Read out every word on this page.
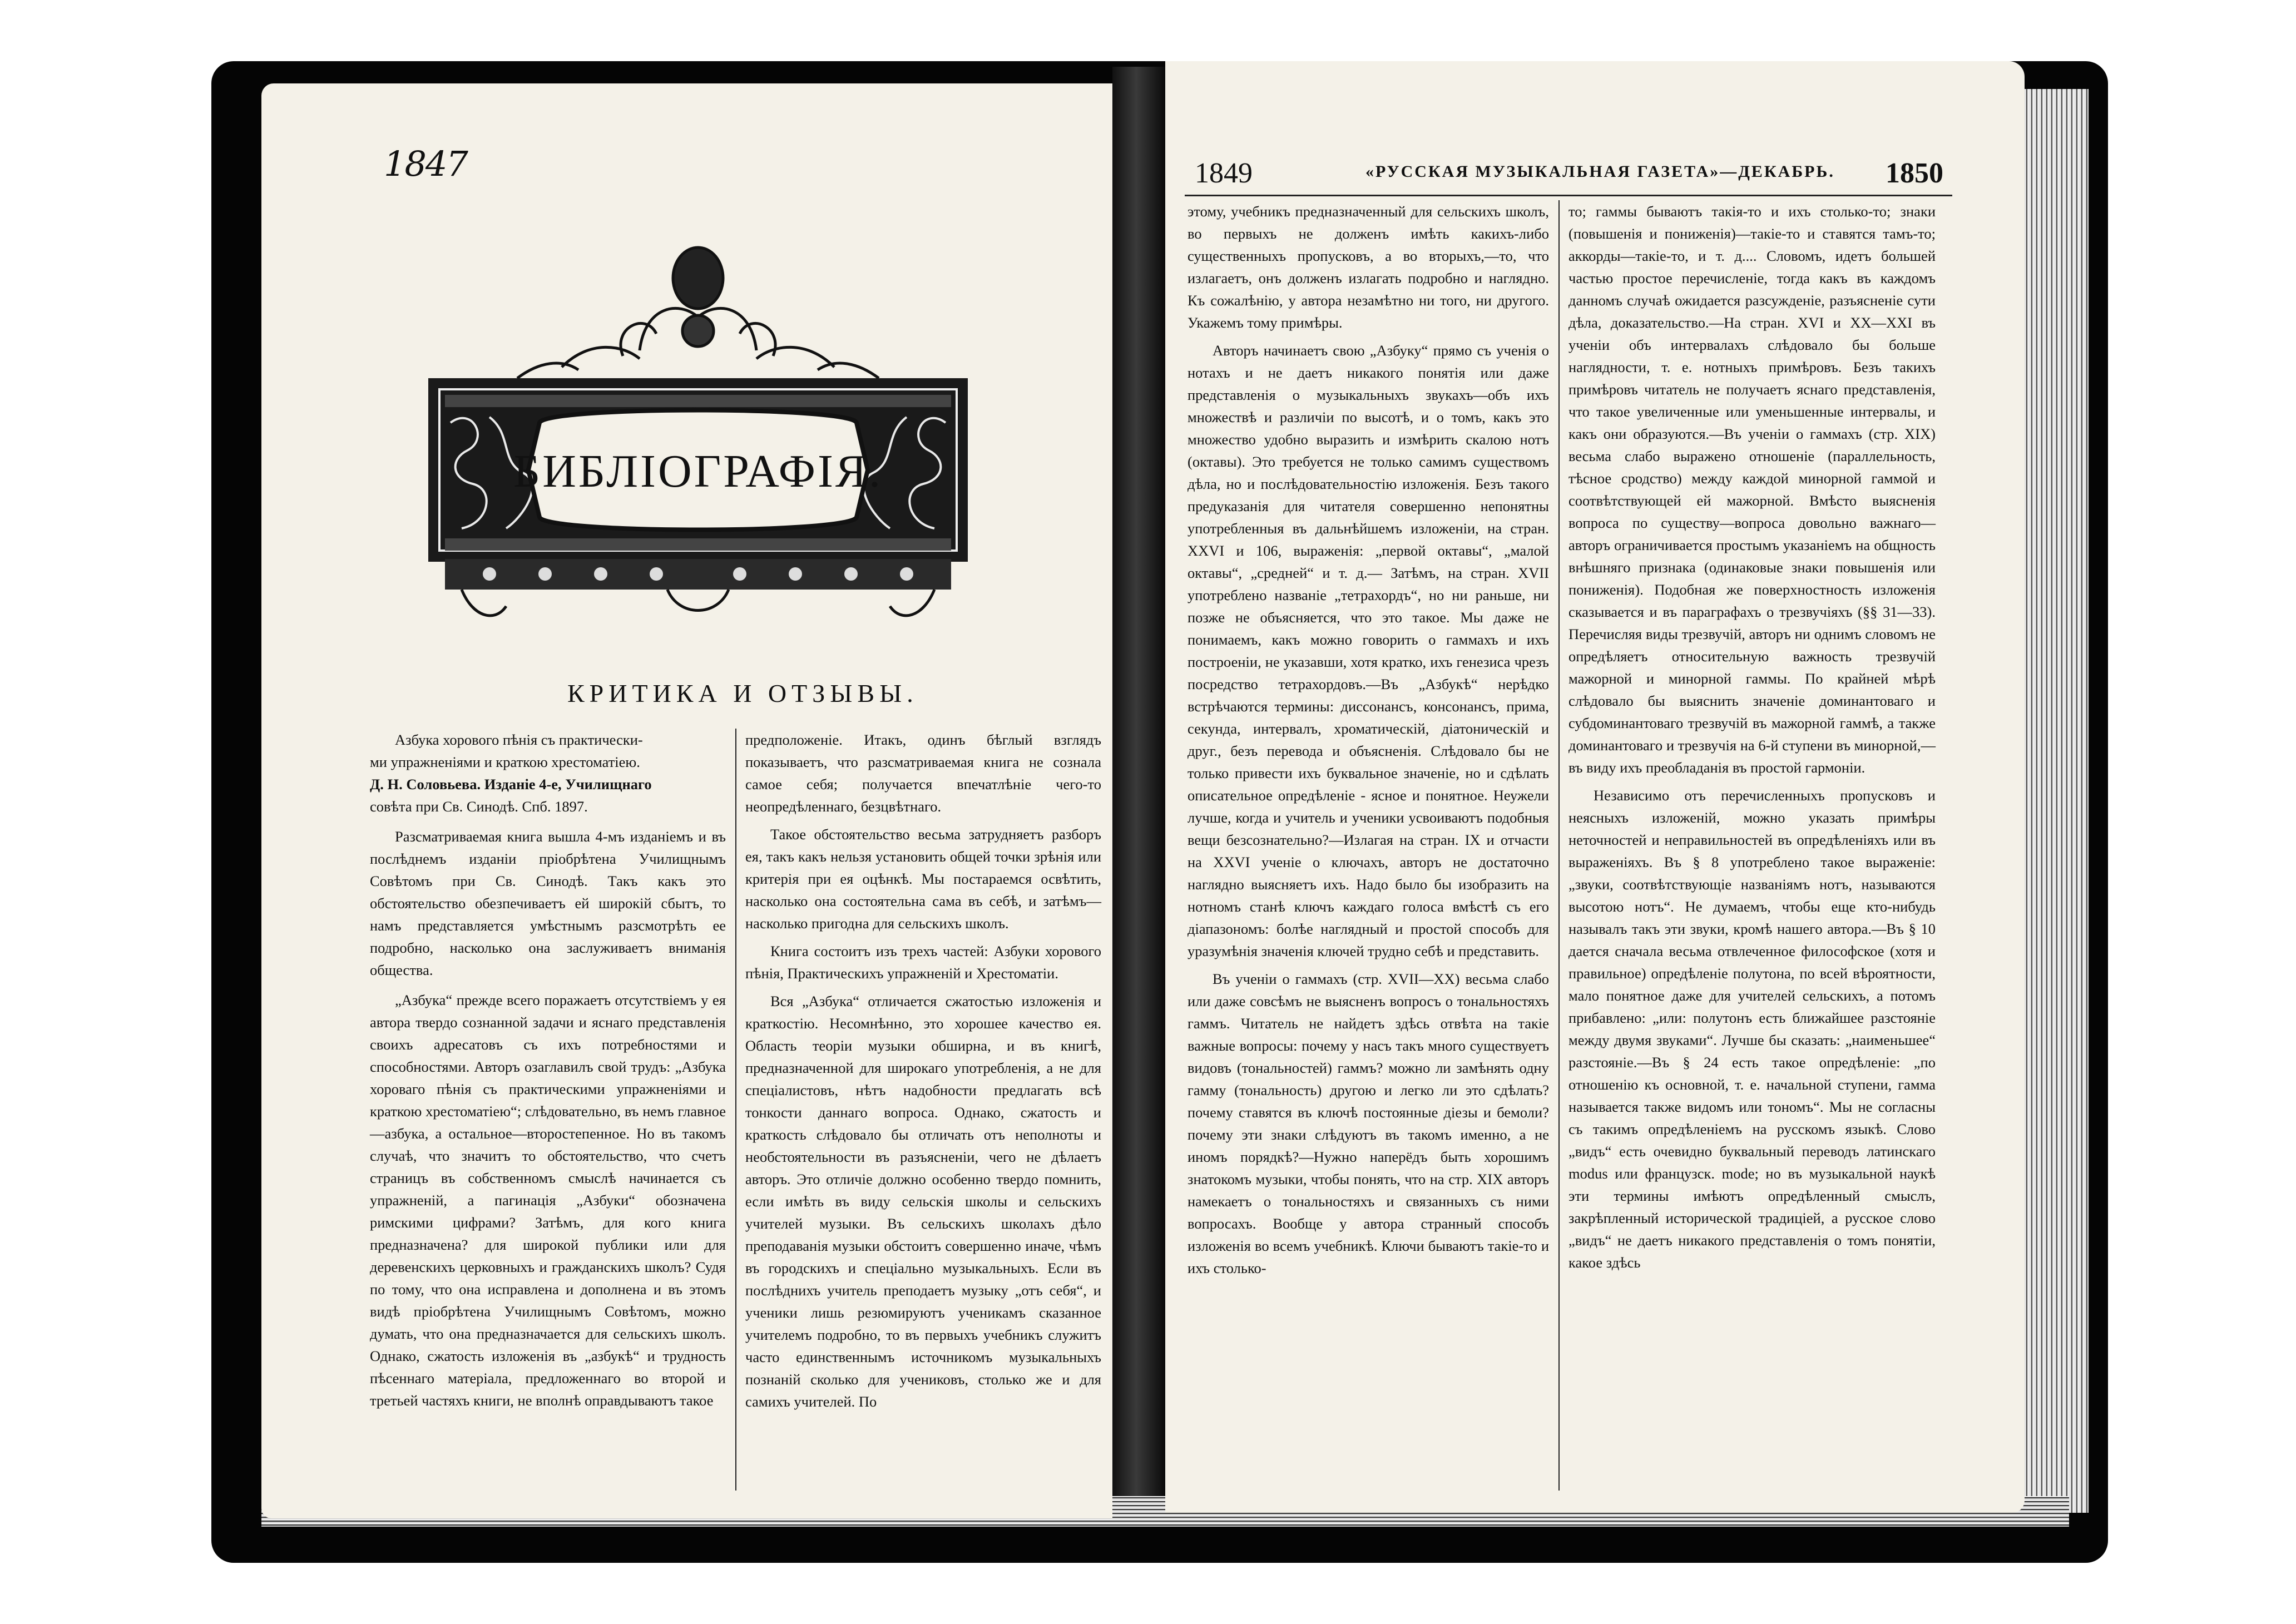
1847
БИБЛІОГРАФІЯ.
КРИТИКА И ОТЗЫВЫ.

Азбука хорового пѣнія съ практически-

ми упражненіями и краткою хрестоматіею.

Д. Н. Соловьева. Изданіе 4-е, Училищнаго

совѣта при Св. Синодѣ. Спб. 1897.

Разсматриваемая книга вышла 4-мъ изданіемъ и въ послѣднемъ изданіи пріобрѣтена Училищнымъ Совѣтомъ при Св. Синодѣ. Такъ какъ это обстоятельство обезпечиваетъ ей широкій сбытъ, то намъ представляется умѣстнымъ разсмотрѣть ее подробно, насколько она заслуживаетъ вниманія общества.

„Азбука“ прежде всего поражаетъ отсутствіемъ у ея автора твердо сознанной задачи и яснаго представленія своихъ адресатовъ съ ихъ потребностями и способностями. Авторъ озаглавилъ свой трудъ: „Азбука хороваго пѣнія съ практическими упражненіями и краткою хрестоматіею“; слѣдовательно, въ немъ главное—азбука, а остальное—второстепенное. Но въ такомъ случаѣ, что значитъ то обстоятельство, что счетъ страницъ въ собственномъ смыслѣ начинается съ упражненій, а пагинація „Азбуки“ обозначена римскими цифрами? Затѣмъ, для кого книга предназначена? для широкой публики или для деревенскихъ церковныхъ и гражданскихъ школъ? Судя по тому, что она исправлена и дополнена и въ этомъ видѣ пріобрѣтена Училищнымъ Совѣтомъ, можно думать, что она предназначается для сельскихъ школъ. Однако, сжатость изложенія въ „азбукѣ“ и трудность пѣсеннаго матеріала, предложеннаго во второй и третьей частяхъ книги, не вполнѣ оправдываютъ такое

предположеніе. Итакъ, одинъ бѣглый взглядъ показываетъ, что разсматриваемая книга не сознала самое себя; получается впечатлѣніе чего-то неопредѣленнаго, безцвѣтнаго.

Такое обстоятельство весьма затрудняетъ разборъ ея, такъ какъ нельзя установить общей точки зрѣнія или критерія при ея оцѣнкѣ. Мы постараемся освѣтить, насколько она состоятельна сама въ себѣ, и затѣмъ—насколько пригодна для сельскихъ школъ.

Книга состоитъ изъ трехъ частей: Азбуки хорового пѣнія, Практическихъ упражненій и Хрестоматіи.

Вся „Азбука“ отличается сжатостью изложенія и краткостію. Несомнѣнно, это хорошее качество ея. Область теоріи музыки обширна, и въ книгѣ, предназначенной для широкаго употребленія, а не для спеціалистовъ, нѣтъ надобности предлагать всѣ тонкости даннаго вопроса. Однако, сжатость и краткость слѣдовало бы отличать отъ неполноты и необстоятельности въ разъясненіи, чего не дѣлаетъ авторъ. Это отличіе должно особенно твердо помнить, если имѣть въ виду сельскія школы и сельскихъ учителей музыки. Въ сельскихъ школахъ дѣло преподаванія музыки обстоитъ совершенно иначе, чѣмъ въ городскихъ и спеціально музыкальныхъ. Если въ послѣднихъ учитель преподаетъ музыку „отъ себя“, и ученики лишь резюмируютъ ученикамъ сказанное учителемъ подробно, то въ первыхъ учебникъ служитъ часто единственнымъ источникомъ музыкальныхъ познаній сколько для учениковъ, столько же и для самихъ учителей. По

1849	«РУССКАЯ МУЗЫКАЛЬНАЯ ГАЗЕТА»—ДЕКАБРЬ. 1850

этому, учебникъ предназначенный для сельскихъ школъ, во первыхъ не долженъ имѣть какихъ-либо существенныхъ пропусковъ, а во вторыхъ,—то, что излагаетъ, онъ долженъ излагать подробно и наглядно. Къ сожалѣнію, у автора незамѣтно ни того, ни другого. Укажемъ тому примѣры.

Авторъ начинаетъ свою „Азбуку“ прямо съ ученія о нотахъ и не даетъ никакого понятія или даже представленія о музыкальныхъ звукахъ—объ ихъ множествѣ и различіи по высотѣ, и о томъ, какъ это множество удобно выразить и измѣрить скалою нотъ (октавы). Это требуется не только самимъ существомъ дѣла, но и послѣдовательностію изложенія. Безъ такого предуказанія для читателя совершенно непонятны употребленныя въ дальнѣйшемъ изложеніи, на стран. XXVI и 106, выраженія: „первой октавы“, „малой октавы“, „средней“ и т. д.— Затѣмъ, на стран. XVII употреблено названіе „тетрахордъ“, но ни раньше, ни позже не объясняется, что это такое. Мы даже не понимаемъ, какъ можно говорить о гаммахъ и ихъ построеніи, не указавши, хотя кратко, ихъ генезиса чрезъ посредство тетрахордовъ.—Въ „Азбукѣ“ нерѣдко встрѣчаются термины: диссонансъ, консонансъ, прима, секунда, интервалъ, хроматическій, діатоническій и друг., безъ перевода и объясненія. Слѣдовало бы не только привести ихъ буквальное значеніе, но и сдѣлать описательное опредѣленіе - ясное и понятное. Неужели лучше, когда и учитель и ученики усвоиваютъ подобныя вещи безсознательно?—Излагая на стран. IX и отчасти на XXVI ученіе о ключахъ, авторъ не достаточно наглядно выясняетъ ихъ. Надо было бы изобразить на нотномъ станѣ ключъ каждаго голоса вмѣстѣ съ его діапазономъ: болѣе наглядный и простой способъ для уразумѣнія значенія ключей трудно себѣ и представить.

Въ ученіи о гаммахъ (стр. XVII—XX) весьма слабо или даже совсѣмъ не выясненъ вопросъ о тональностяхъ гаммъ. Читатель не найдетъ здѣсь отвѣта на такіе важные вопросы: почему у насъ такъ много существуетъ видовъ (тональностей) гаммъ? можно ли замѣнять одну гамму (тональность) другою и легко ли это сдѣлать? почему ставятся въ ключѣ постоянные діезы и бемоли? почему эти знаки слѣдуютъ въ такомъ именно, а не иномъ порядкѣ?—Нужно наперёдъ быть хорошимъ знатокомъ музыки, чтобы понять, что на стр. XIX авторъ намекаетъ о тональностяхъ и связанныхъ съ ними вопросахъ. Вообще у автора странный способъ изложенія во всемъ учебникѣ. Ключи бываютъ такіе-то и ихъ столько-

то; гаммы бываютъ такія-то и ихъ столько-то; знаки (повышенія и пониженія)—такіе-то и ставятся тамъ-то; аккорды—такіе-то, и т. д.... Словомъ, идетъ большей частью простое перечисленіе, тогда какъ въ каждомъ данномъ случаѣ ожидается разсужденіе, разъясненіе сути дѣла, доказательство.—На стран. XVI и XX—XXI въ ученіи объ интервалахъ слѣдовало бы больше наглядности, т. е. нотныхъ примѣровъ. Безъ такихъ примѣровъ читатель не получаетъ яснаго представленія, что такое увеличенные или уменьшенные интервалы, и какъ они образуются.—Въ ученіи о гаммахъ (стр. XIX) весьма слабо выражено отношеніе (параллельность, тѣсное сродство) между каждой минорной гаммой и соотвѣтствующей ей мажорной. Вмѣсто выясненія вопроса по существу—вопроса довольно важнаго—авторъ ограничивается простымъ указаніемъ на общность внѣшняго признака (одинаковые знаки повышенія или пониженія). Подобная же поверхностность изложенія сказывается и въ параграфахъ о трезвучіяхъ (§§ 31—33). Перечисляя виды трезвучій, авторъ ни однимъ словомъ не опредѣляетъ относительную важность трезвучій мажорной и минорной гаммы. По крайней мѣрѣ слѣдовало бы выяснить значеніе доминантоваго и субдоминантоваго трезвучій въ мажорной гаммѣ, а также доминантоваго и трезвучія на 6-й ступени въ минорной,—въ виду ихъ преобладанія въ простой гармоніи.

Независимо отъ перечисленныхъ пропусковъ и неясныхъ изложеній, можно указать примѣры неточностей и неправильностей въ опредѣленіяхъ или въ выраженіяхъ. Въ § 8 употреблено такое выраженіе: „звуки, соотвѣтствующіе названіямъ нотъ, называются высотою нотъ“. Не думаемъ, чтобы еще кто-нибудь называлъ такъ эти звуки, кромѣ нашего автора.—Въ § 10 дается сначала весьма отвлеченное философское (хотя и правильное) опредѣленіе полутона, по всей вѣроятности, мало понятное даже для учителей сельскихъ, а потомъ прибавлено: „или: полутонъ есть ближайшее разстояніе между двумя звуками“. Лучше бы сказать: „наименьшее“ разстояніе.—Въ § 24 есть такое опредѣленіе: „по отношенію къ основной, т. е. начальной ступени, гамма называется также видомъ или тономъ“. Мы не согласны съ такимъ опредѣленіемъ на русскомъ языкѣ. Слово „видъ“ есть очевидно буквальный переводъ латинскаго modus или французск. mode; но въ музыкальной наукѣ эти термины имѣютъ опредѣленный смыслъ, закрѣпленный исторической традиціей, а русское слово „видъ“ не даетъ никакого представленія о томъ понятіи, какое здѣсь
